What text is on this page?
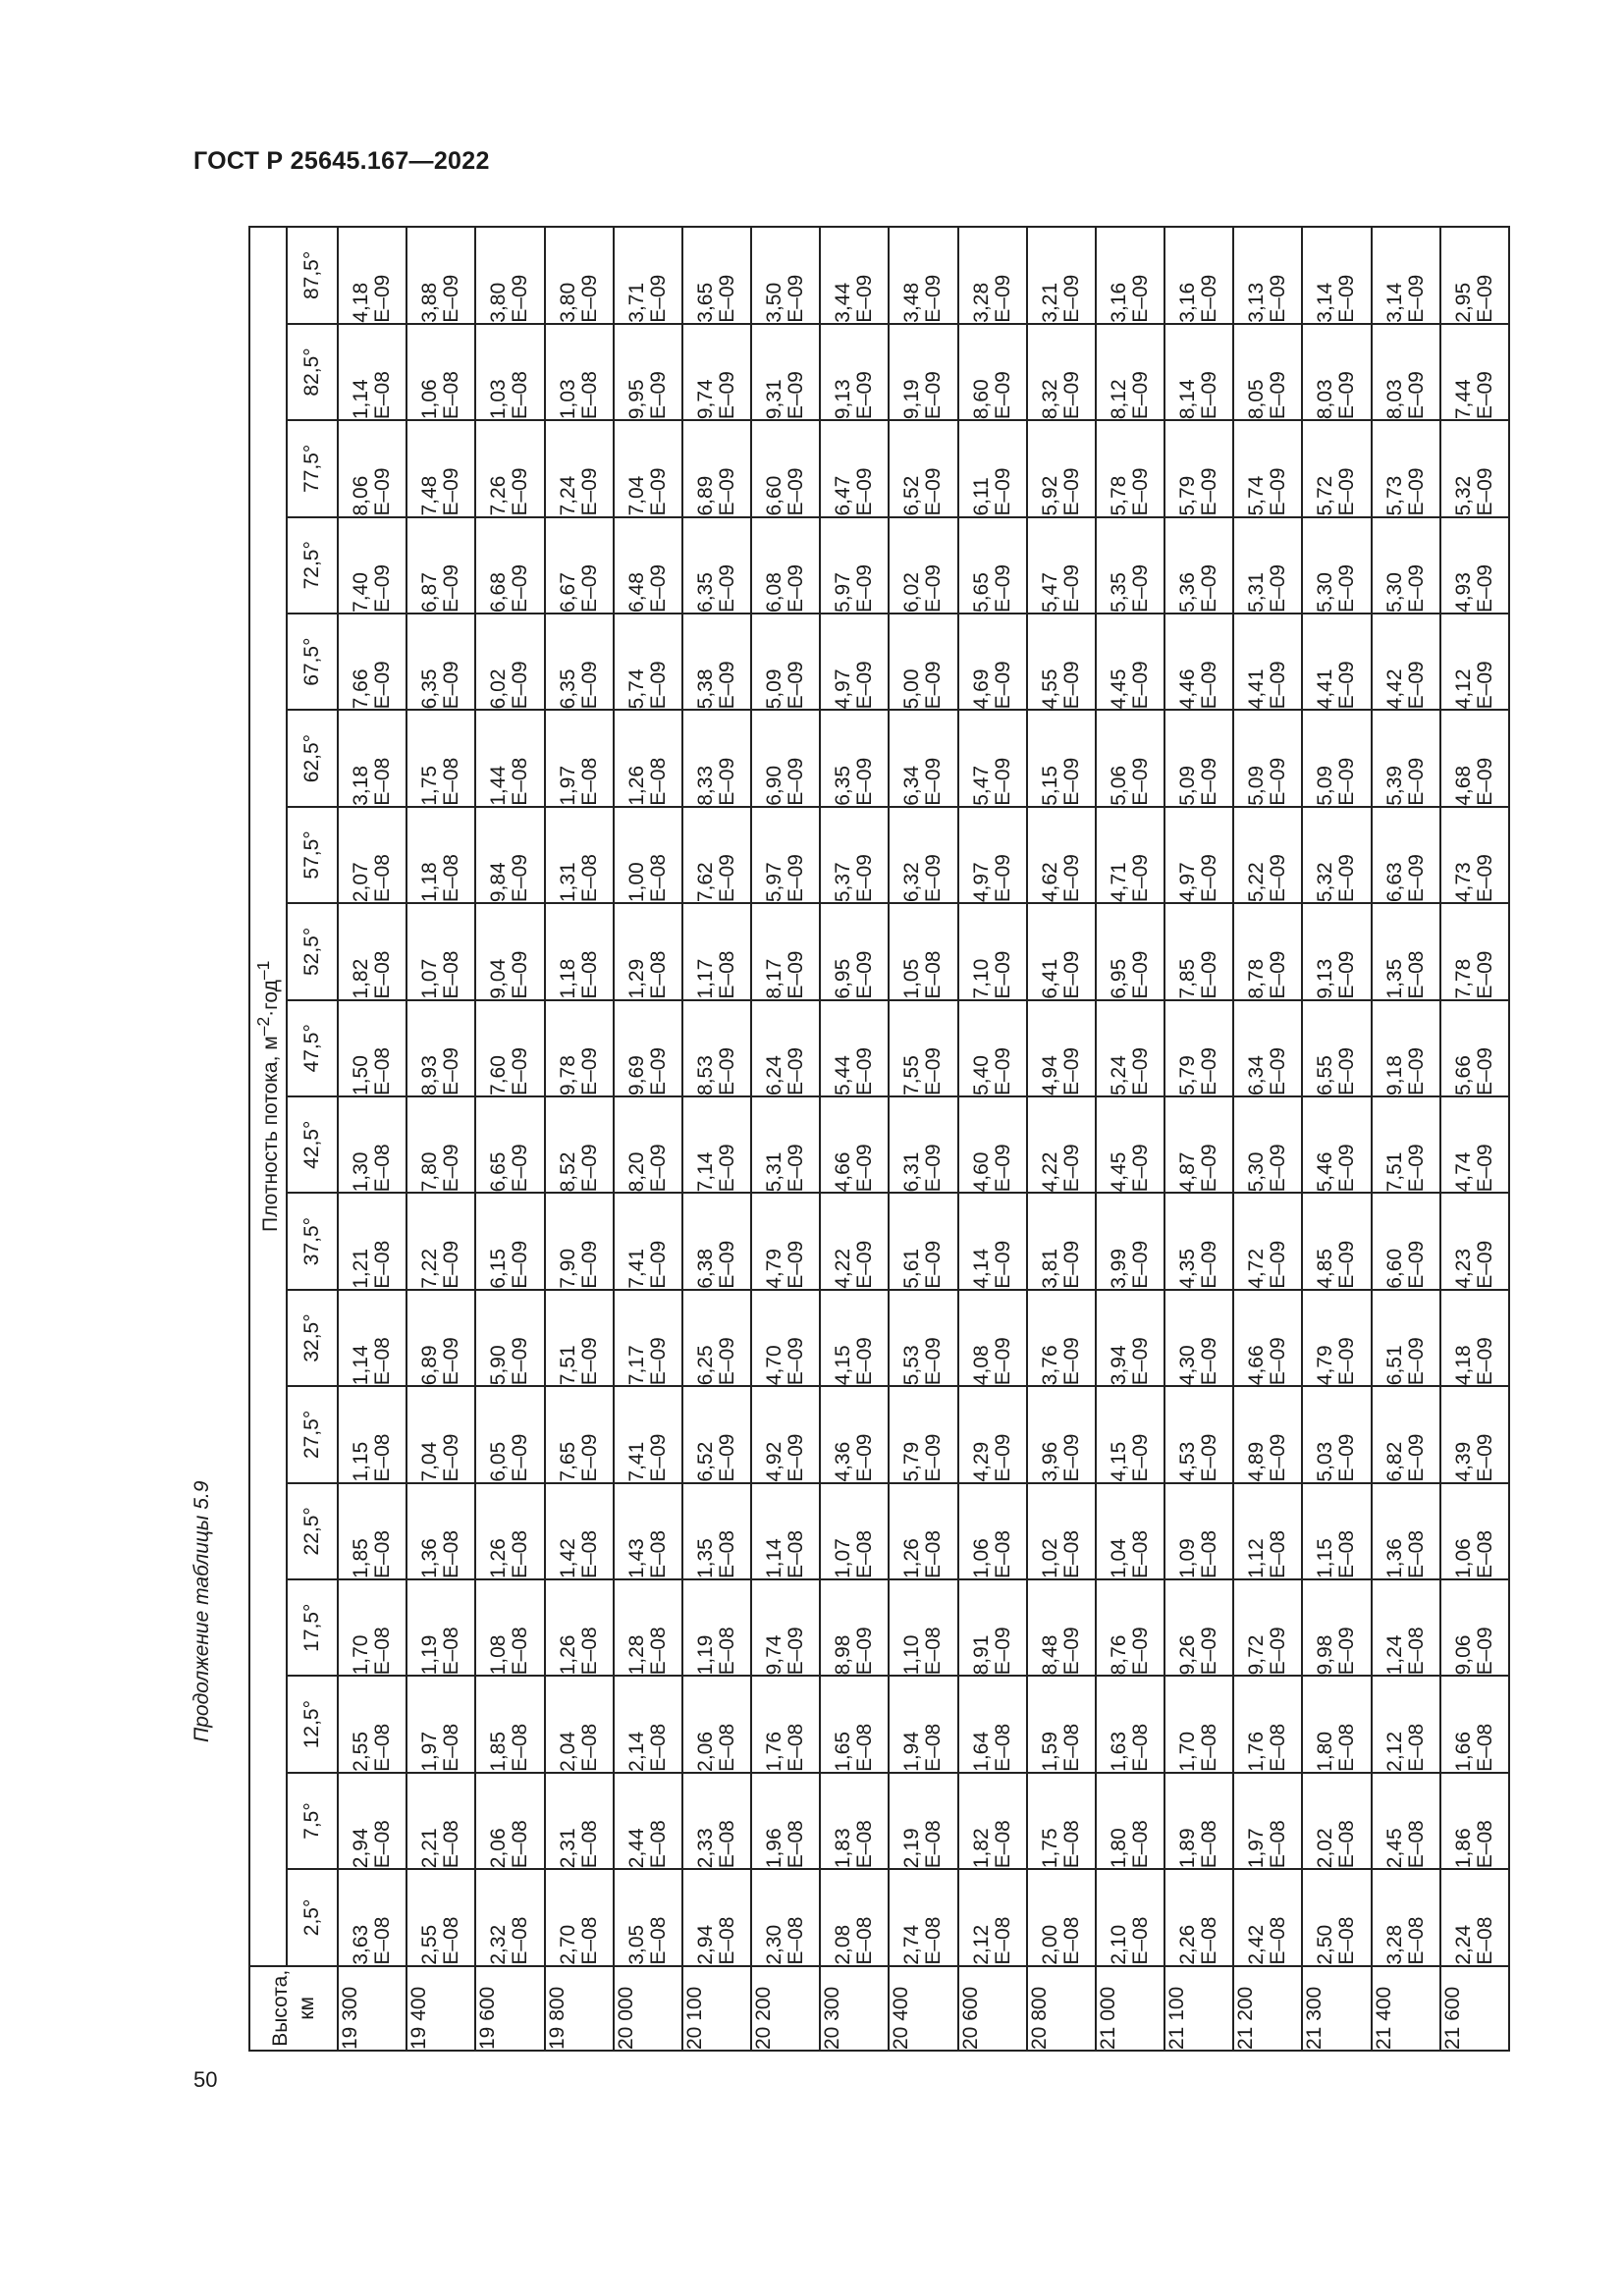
ГОСТ Р 25645.167—2022
50
Продолжение таблицы 5.9
Высота, км	Плотность потока, $м^{-2}\cdot год^{-1}$
	2,5°	7,5°	12,5°	17,5°	22,5°	27,5°	32,5°	37,5°	42,5°	47,5°	52,5°	57,5°	62,5°	67,5°	72,5°	77,5°	82,5°	87,5°
19 300	3,63 E–08	2,94 E–08	2,55 E–08	1,70 E–08	1,85 E–08	1,15 E–08	1,14 E–08	1,21 E–08	1,30 E–08	1,50 E–08	1,82 E–08	2,07 E–08	3,18 E–08	7,66 E–09	7,40 E–09	8,06 E–09	1,14 E–08	4,18 E–09

19 400	2,55 E–08	2,21 E–08	1,97 E–08	1,19 E–08	1,36 E–08	7,04 E–09	6,89 E–09	7,22 E–09	7,80 E–09	8,93 E–09	1,07 E–08	1,18 E–08	1,75 E–08	6,35 E–09	6,87 E–09	7,48 E–09	1,06 E–08	3,88 E–09

19 600	2,32 E–08	2,06 E–08	1,85 E–08	1,08 E–08	1,26 E–08	6,05 E–09	5,90 E–09	6,15 E–09	6,65 E–09	7,60 E–09	9,04 E–09	9,84 E–09	1,44 E–08	6,02 E–09	6,68 E–09	7,26 E–09	1,03 E–08	3,80 E–09

19 800	2,70 E–08	2,31 E–08	2,04 E–08	1,26 E–08	1,42 E–08	7,65 E–09	7,51 E–09	7,90 E–09	8,52 E–09	9,78 E–09	1,18 E–08	1,31 E–08	1,97 E–08	6,35 E–09	6,67 E–09	7,24 E–09	1,03 E–08	3,80 E–09

20 000	3,05 E–08	2,44 E–08	2,14 E–08	1,28 E–08	1,43 E–08	7,41 E–09	7,17 E–09	7,41 E–09	8,20 E–09	9,69 E–09	1,29 E–08	1,00 E–08	1,26 E–08	5,74 E–09	6,48 E–09	7,04 E–09	9,95 E–09	3,71 E–09

20 100	2,94 E–08	2,33 E–08	2,06 E–08	1,19 E–08	1,35 E–08	6,52 E–09	6,25 E–09	6,38 E–09	7,14 E–09	8,53 E–09	1,17 E–08	7,62 E–09	8,33 E–09	5,38 E–09	6,35 E–09	6,89 E–09	9,74 E–09	3,65 E–09

20 200	2,30 E–08	1,96 E–08	1,76 E–08	9,74 E–09	1,14 E–08	4,92 E–09	4,70 E–09	4,79 E–09	5,31 E–09	6,24 E–09	8,17 E–09	5,97 E–09	6,90 E–09	5,09 E–09	6,08 E–09	6,60 E–09	9,31 E–09	3,50 E–09

20 300	2,08 E–08	1,83 E–08	1,65 E–08	8,98 E–09	1,07 E–08	4,36 E–09	4,15 E–09	4,22 E–09	4,66 E–09	5,44 E–09	6,95 E–09	5,37 E–09	6,35 E–09	4,97 E–09	5,97 E–09	6,47 E–09	9,13 E–09	3,44 E–09

20 400	2,74 E–08	2,19 E–08	1,94 E–08	1,10 E–08	1,26 E–08	5,79 E–09	5,53 E–09	5,61 E–09	6,31 E–09	7,55 E–09	1,05 E–08	6,32 E–09	6,34 E–09	5,00 E–09	6,02 E–09	6,52 E–09	9,19 E–09	3,48 E–09

20 600	2,12 E–08	1,82 E–08	1,64 E–08	8,91 E–09	1,06 E–08	4,29 E–09	4,08 E–09	4,14 E–09	4,60 E–09	5,40 E–09	7,10 E–09	4,97 E–09	5,47 E–09	4,69 E–09	5,65 E–09	6,11 E–09	8,60 E–09	3,28 E–09

20 800	2,00 E–08	1,75 E–08	1,59 E–08	8,48 E–09	1,02 E–08	3,96 E–09	3,76 E–09	3,81 E–09	4,22 E–09	4,94 E–09	6,41 E–09	4,62 E–09	5,15 E–09	4,55 E–09	5,47 E–09	5,92 E–09	8,32 E–09	3,21 E–09

21 000	2,10 E–08	1,80 E–08	1,63 E–08	8,76 E–09	1,04 E–08	4,15 E–09	3,94 E–09	3,99 E–09	4,45 E–09	5,24 E–09	6,95 E–09	4,71 E–09	5,06 E–09	4,45 E–09	5,35 E–09	5,78 E–09	8,12 E–09	3,16 E–09

21 100	2,26 E–08	1,89 E–08	1,70 E–08	9,26 E–09	1,09 E–08	4,53 E–09	4,30 E–09	4,35 E–09	4,87 E–09	5,79 E–09	7,85 E–09	4,97 E–09	5,09 E–09	4,46 E–09	5,36 E–09	5,79 E–09	8,14 E–09	3,16 E–09

21 200	2,42 E–08	1,97 E–08	1,76 E–08	9,72 E–09	1,12 E–08	4,89 E–09	4,66 E–09	4,72 E–09	5,30 E–09	6,34 E–09	8,78 E–09	5,22 E–09	5,09 E–09	4,41 E–09	5,31 E–09	5,74 E–09	8,05 E–09	3,13 E–09

21 300	2,50 E–08	2,02 E–08	1,80 E–08	9,98 E–09	1,15 E–08	5,03 E–09	4,79 E–09	4,85 E–09	5,46 E–09	6,55 E–09	9,13 E–09	5,32 E–09	5,09 E–09	4,41 E–09	5,30 E–09	5,72 E–09	8,03 E–09	3,14 E–09

21 400	3,28 E–08	2,45 E–08	2,12 E–08	1,24 E–08	1,36 E–08	6,82 E–09	6,51 E–09	6,60 E–09	7,51 E–09	9,18 E–09	1,35 E–08	6,63 E–09	5,39 E–09	4,42 E–09	5,30 E–09	5,73 E–09	8,03 E–09	3,14 E–09

21 600	2,24 E–08	1,86 E–08	1,66 E–08	9,06 E–09	1,06 E–08	4,39 E–09	4,18 E–09	4,23 E–09	4,74 E–09	5,66 E–09	7,78 E–09	4,73 E–09	4,68 E–09	4,12 E–09	4,93 E–09	5,32 E–09	7,44 E–09	2,95 E–09
